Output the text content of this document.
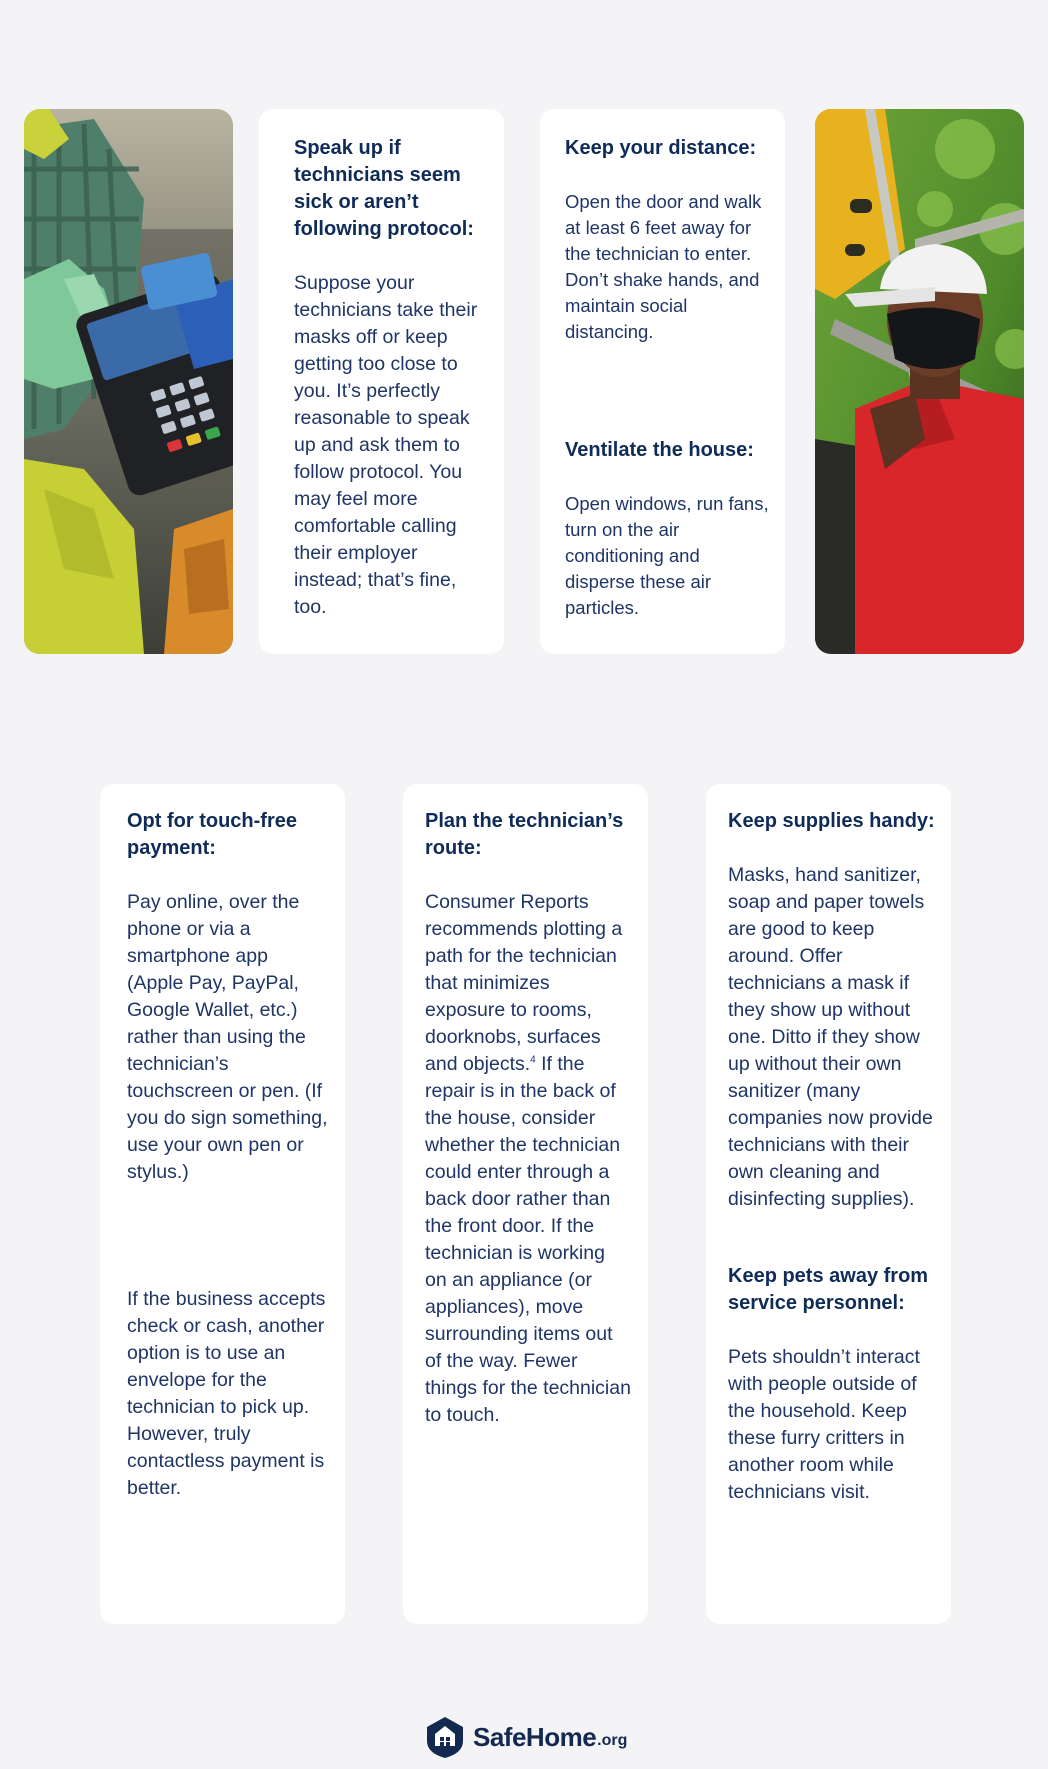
Speak up if technicians seem sick or aren’t following protocol:

Suppose your technicians take their masks off or keep getting too close to you. It’s perfectly reasonable to speak up and ask them to follow protocol. You may feel more comfortable calling their employer instead; that’s fine, too.

Keep your distance:

Open the door and walk at least 6 feet away for the technician to enter. Don’t shake hands, and maintain social distancing.

Ventilate the house:

Open windows, run fans, turn on the air conditioning and disperse these air particles.

Opt for touch-free payment:

Pay online, over the phone or via a smartphone app (Apple Pay, PayPal, Google Wallet, etc.) rather than using the technician’s touchscreen or pen. (If you do sign something, use your own pen or stylus.)

If the business accepts check or cash, another option is to use an envelope for the technician to pick up. However, truly contactless payment is better.

Plan the technician’s route:

Consumer Reports recommends plotting a path for the technician that minimizes exposure to rooms, doorknobs, surfaces and objects.$^4$ If the repair is in the back of the house, consider whether the technician could enter through a back door rather than the front door. If the technician is working on an appliance (or appliances), move surrounding items out of the way. Fewer things for the technician to touch.

Keep supplies handy:

Masks, hand sanitizer, soap and paper towels are good to keep around. Offer technicians a mask if they show up without one. Ditto if they show up without their own sanitizer (many companies now provide technicians with their own cleaning and disinfecting supplies).

Keep pets away from service personnel:

Pets shouldn’t interact with people outside of the household. Keep these furry critters in another room while technicians visit.

SafeHome .org
